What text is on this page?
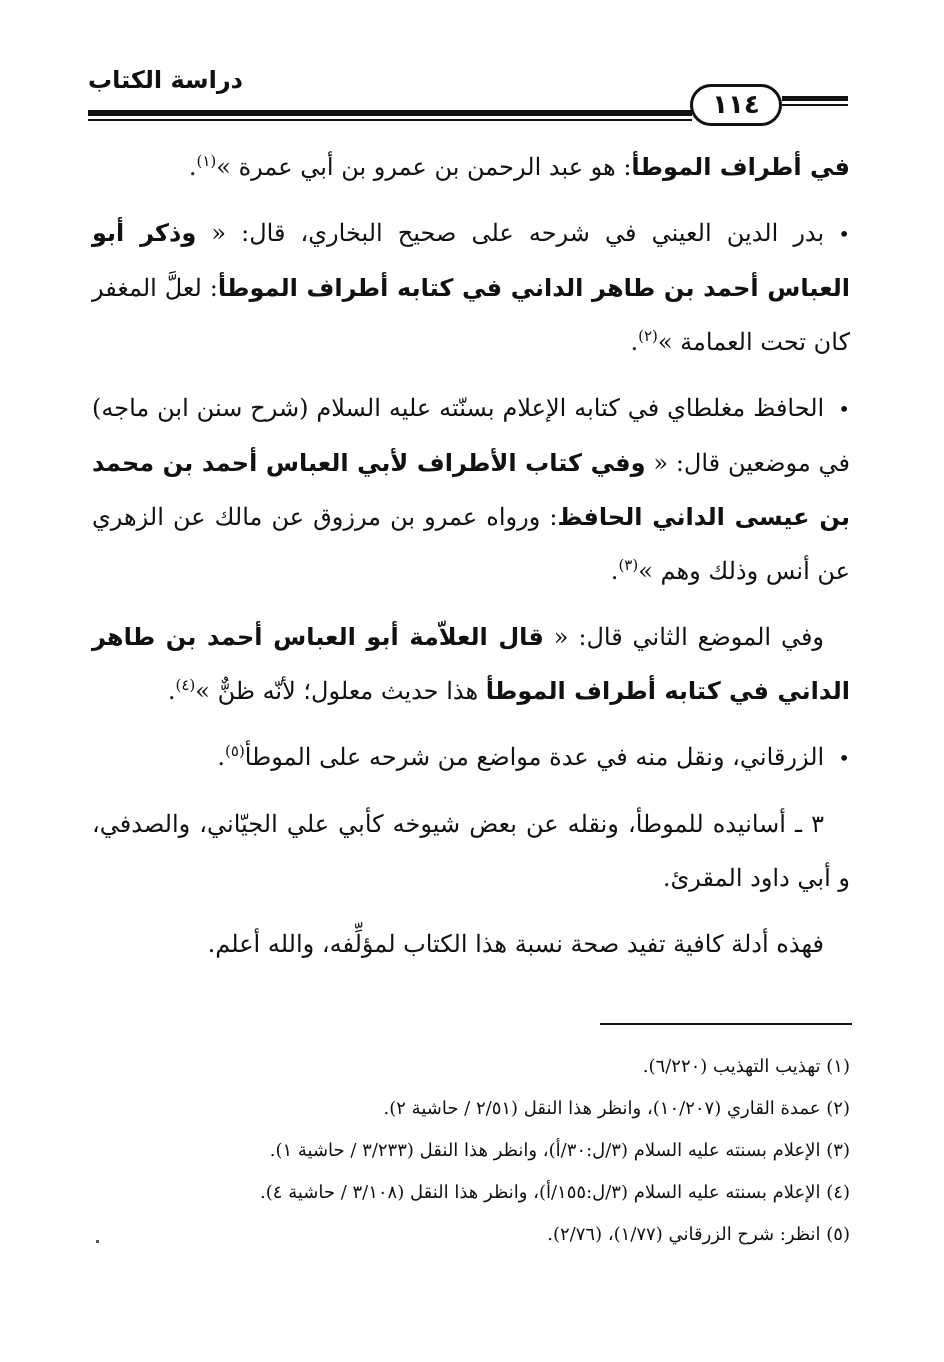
دراسة الكتاب
١١٤

في أطراف الموطأ: هو عبد الرحمن بن عمرو بن أبي عمرة »$^{(١)}$.

•بدر الدين العيني في شرحه على صحيح البخاري، قال: « وذكر أبو العباس أحمد بن طاهر الداني في كتابه أطراف الموطأ: لعلَّ المغفر كان تحت العمامة »$^{(٢)}$.

•الحافظ مغلطاي في كتابه الإعلام بسنّته عليه السلام (شرح سنن ابن ماجه) في موضعين قال: « وفي كتاب الأطراف لأبي العباس أحمد بن محمد بن عيسى الداني الحافظ: ورواه عمرو بن مرزوق عن مالك عن الزهري عن أنس وذلك وهم »$^{(٣)}$.

وفي الموضع الثاني قال: « قال العلاّمة أبو العباس أحمد بن طاهر الداني في كتابه أطراف الموطأ هذا حديث معلول؛ لأنّه ظنٌّ »$^{(٤)}$.

•الزرقاني، ونقل منه في عدة مواضع من شرحه على الموطأ$^{(٥)}$.

٣ ـ أسانيده للموطأ، ونقله عن بعض شيوخه كأبي علي الجيّاني، والصدفي، و أبي داود المقرئ.

فهذه أدلة كافية تفيد صحة نسبة هذا الكتاب لمؤلِّفه، والله أعلم.

(١) تهذيب التهذيب (٦/٢٢٠).
(٢) عمدة القاري (١٠/٢٠٧)، وانظر هذا النقل (٢/٥١ / حاشية ٢).
(٣) الإعلام بسنته عليه السلام (٣/ل:٣٠/أ)، وانظر هذا النقل (٣/٢٣٣ / حاشية ١).
(٤) الإعلام بسنته عليه السلام (٣/ل:١٥٥/أ)، وانظر هذا النقل (٣/١٠٨ / حاشية ٤).
(٥) انظر: شرح الزرقاني (١/٧٧)، (٢/٧٦).
